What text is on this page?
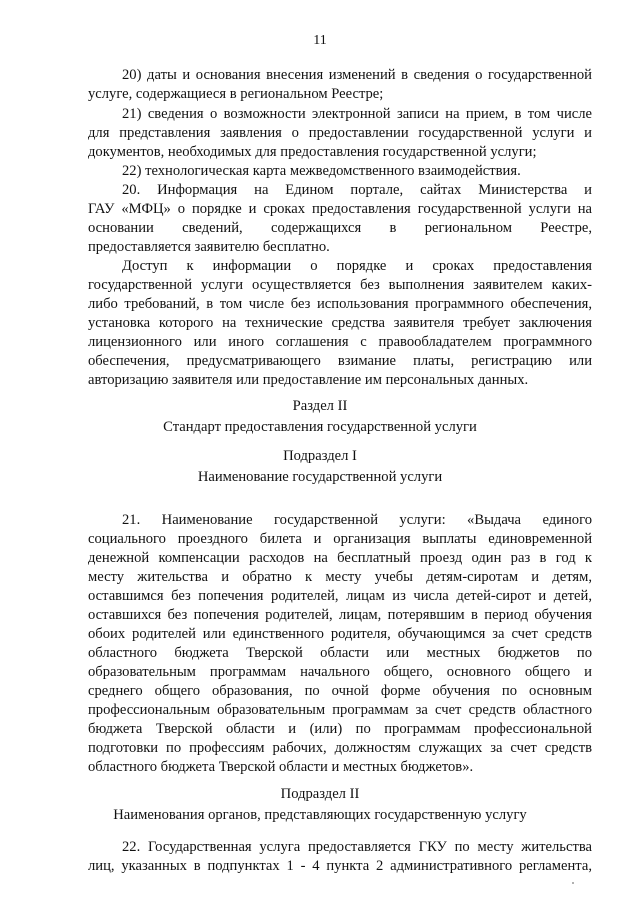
11
20) даты и основания внесения изменений в сведения о государственной
услуге, содержащиеся в региональном Реестре;
21) сведения о возможности электронной записи на прием, в том числе
для представления заявления о предоставлении государственной услуги и
документов, необходимых для предоставления государственной услуги;
22) технологическая карта межведомственного взаимодействия.
20. Информация на Едином портале, сайтах Министерства и
ГАУ «МФЦ» о порядке и сроках предоставления государственной услуги на
основании сведений, содержащихся в региональном Реестре,
предоставляется заявителю бесплатно.
Доступ к информации о порядке и сроках предоставления
государственной услуги осуществляется без выполнения заявителем каких-
либо требований, в том числе без использования программного обеспечения,
установка которого на технические средства заявителя требует заключения
лицензионного или иного соглашения с правообладателем программного
обеспечения, предусматривающего взимание платы, регистрацию или
авторизацию заявителя или предоставление им персональных данных.
Раздел II
Стандарт предоставления государственной услуги
Подраздел I
Наименование государственной услуги
21. Наименование государственной услуги: «Выдача единого
социального проездного билета и организация выплаты единовременной
денежной компенсации расходов на бесплатный проезд один раз в год к
месту жительства и обратно к месту учебы детям-сиротам и детям,
оставшимся без попечения родителей, лицам из числа детей-сирот и детей,
оставшихся без попечения родителей, лицам, потерявшим в период обучения
обоих родителей или единственного родителя, обучающимся за счет средств
областного бюджета Тверской области или местных бюджетов по
образовательным программам начального общего, основного общего и
среднего общего образования, по очной форме обучения по основным
профессиональным образовательным программам за счет средств областного
бюджета Тверской области и (или) по программам профессиональной
подготовки по профессиям рабочих, должностям служащих за счет средств
областного бюджета Тверской области и местных бюджетов».
Подраздел II
Наименования органов, представляющих государственную услугу
22. Государственная услуга предоставляется ГКУ по месту жительства
лиц, указанных в подпунктах 1 - 4 пункта 2 административного регламента,
